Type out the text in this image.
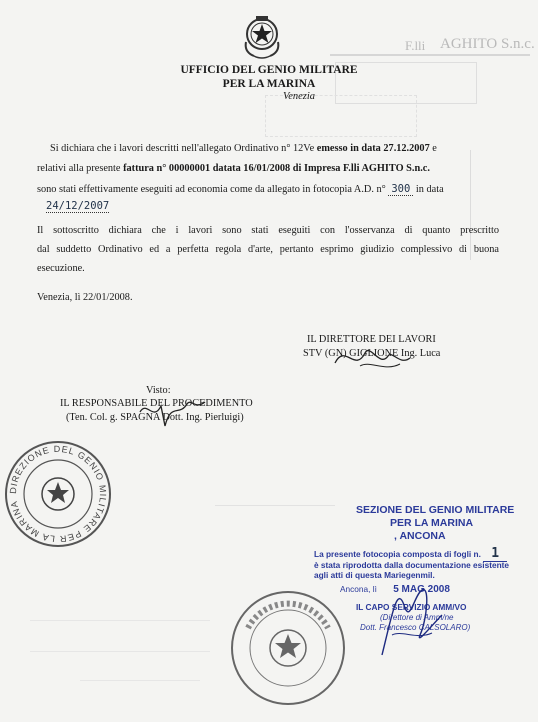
F.lli AGHITO S.n.c.
UFFICIO DEL GENIO MILITARE
PER LA MARINA
Venezia
Si dichiara che i lavori descritti nell'allegato Ordinativo n° 12Ve emesso in data 27.12.2007 e
relativi alla presente fattura n° 00000001 datata 16/01/2008 di Impresa F.lli AGHITO S.n.c.
sono stati effettivamente eseguiti ad economia come da allegato in fotocopia A.D. n° 300 in data
24/12/2007
Il sottoscritto dichiara che i lavori sono stati eseguiti con l'osservanza di quanto prescritto
dal suddetto Ordinativo ed a perfetta regola d'arte, pertanto esprimo giudizio complessivo di buona
esecuzione.
Venezia, lì 22/01/2008.
IL DIRETTORE DEI LAVORI
STV (GN) GIGLIONE Ing. Luca
Visto:
IL RESPONSABILE DEL PROCEDIMENTO
(Ten. Col. g. SPAGNA Dott. Ing. Pierluigi)
DIREZIONE DEL GENIO MILITARE PER LA MARINA	SEZIONE DEL GENIO MILITARE
PER LA MARINA
, ANCONA
La presente fotocopia composta di fogli n. 1
è stata riprodotta dalla documentazione esistente
agli atti di questa Mariegenmil.
Ancona, lì 5 MAG 2008
IL CAPO SERVIZIO AMM/VO
(Direttore di Amm/ne
Dott. Francesco CALSOLARO)
